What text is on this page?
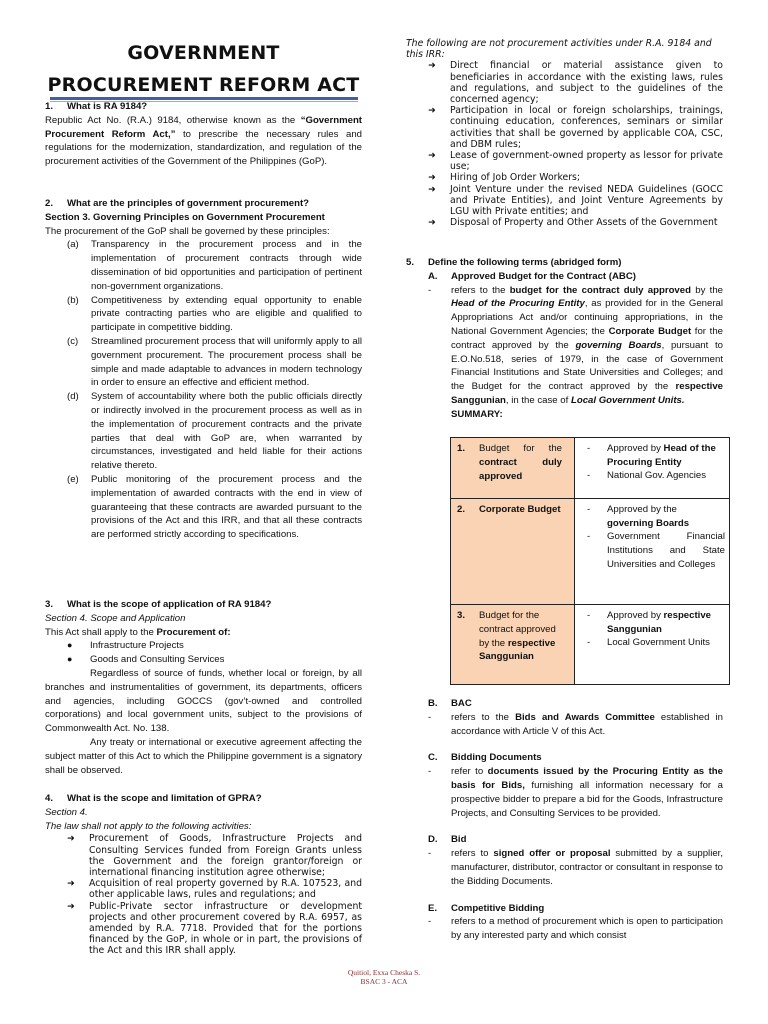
GOVERNMENT
PROCUREMENT REFORM ACT

1. What is RA 9184?

Republic Act No. (R.A.) 9184, otherwise known as the “Government Procurement Reform Act,” to prescribe the necessary rules and regulations for the modernization, standardization, and regulation of the procurement activities of the Government of the Philippines (GoP).

2. What are the principles of government procurement?

Section 3. Governing Principles on Government Procurement

The procurement of the GoP shall be governed by these principles:

(a)	Transparency in the procurement process and in the implementation of procurement contracts through wide dissemination of bid opportunities and participation of pertinent non-government organizations.
(b)	Competitiveness by extending equal opportunity to enable private contracting parties who are eligible and qualified to participate in competitive bidding.
(c)	Streamlined procurement process that will uniformly apply to all government procurement. The procurement process shall be simple and made adaptable to advances in modern technology in order to ensure an effective and efficient method.
(d)	System of accountability where both the public officials directly or indirectly involved in the procurement process as well as in the implementation of procurement contracts and the private parties that deal with GoP are, when warranted by circumstances, investigated and held liable for their actions relative thereto.
(e)	Public monitoring of the procurement process and the implementation of awarded contracts with the end in view of guaranteeing that these contracts are awarded pursuant to the provisions of the Act and this IRR, and that all these contracts are performed strictly according to specifications.

3. What is the scope of application of RA 9184?

Section 4. Scope and Application

This Act shall apply to the Procurement of:

●	Infrastructure Projects
●	Goods and Consulting Services

Regardless of source of funds, whether local or foreign, by all branches and instrumentalities of government, its departments, officers and agencies, including GOCCS (gov’t-owned and controlled corporations) and local government units, subject to the provisions of Commonwealth Act. No. 138.

Any treaty or international or executive agreement affecting the subject matter of this Act to which the Philippine government is a signatory shall be observed.

4. What is the scope and limitation of GPRA?

Section 4.

The law shall not apply to the following activities:

➜	Procurement of Goods, Infrastructure Projects and Consulting Services funded from Foreign Grants unless the Government and the foreign grantor/foreign or international financing institution agree otherwise;
➜	Acquisition of real property governed by R.A. 107523, and other applicable laws, rules and regulations; and
➜	Public-Private sector infrastructure or development projects and other procurement covered by R.A. 6957, as amended by R.A. 7718. Provided that for the portions financed by the GoP, in whole or in part, the provisions of the Act and this IRR shall apply.

The following are not procurement activities under R.A. 9184 and this IRR:

➜	Direct financial or material assistance given to beneficiaries in accordance with the existing laws, rules and regulations, and subject to the guidelines of the concerned agency;
➜	Participation in local or foreign scholarships, trainings, continuing education, conferences, seminars or similar activities that shall be governed by applicable COA, CSC, and DBM rules;
➜	Lease of government-owned property as lessor for private use;
➜	Hiring of Job Order Workers;
➜	Joint Venture under the revised NEDA Guidelines (GOCC and Private Entities), and Joint Venture Agreements by LGU with Private entities; and
➜	Disposal of Property and Other Assets of the Government

5. Define the following terms (abridged form)

A.	Approved Budget for the Contract (ABC)
-	refers to the budget for the contract duly approved by the Head of the Procuring Entity, as provided for in the General Appropriations Act and/or continuing appropriations, in the National Government Agencies; the Corporate Budget for the contract approved by the governing Boards, pursuant to E.O.No.518, series of 1979, in the case of Government Financial Institutions and State Universities and Colleges; and the Budget for the contract approved by the respective Sanggunian, in the case of Local Government Units.

SUMMARY:

1. Budget for the contract duly approved	- Approved by Head of the Procuring Entity
- National Gov. Agencies

2. Corporate Budget	- Approved by the governing Boards
- Government Financial Institutions and State Universities and Colleges

3. Budget for the contract approved by the respective Sanggunian	- Approved by respective Sanggunian
- Local Government Units
B.	BAC
-	refers to the Bids and Awards Committee established in accordance with Article V of this Act.
C.	Bidding Documents
-	refer to documents issued by the Procuring Entity as the basis for Bids, furnishing all information necessary for a prospective bidder to prepare a bid for the Goods, Infrastructure Projects, and Consulting Services to be provided.
D.	Bid
-	refers to signed offer or proposal submitted by a supplier, manufacturer, distributor, contractor or consultant in response to the Bidding Documents.
E.	Competitive Bidding
-	refers to a method of procurement which is open to participation by any interested party and which consist
Quitiol, Exxa Cheska S.
BSAC 3 - ACA
